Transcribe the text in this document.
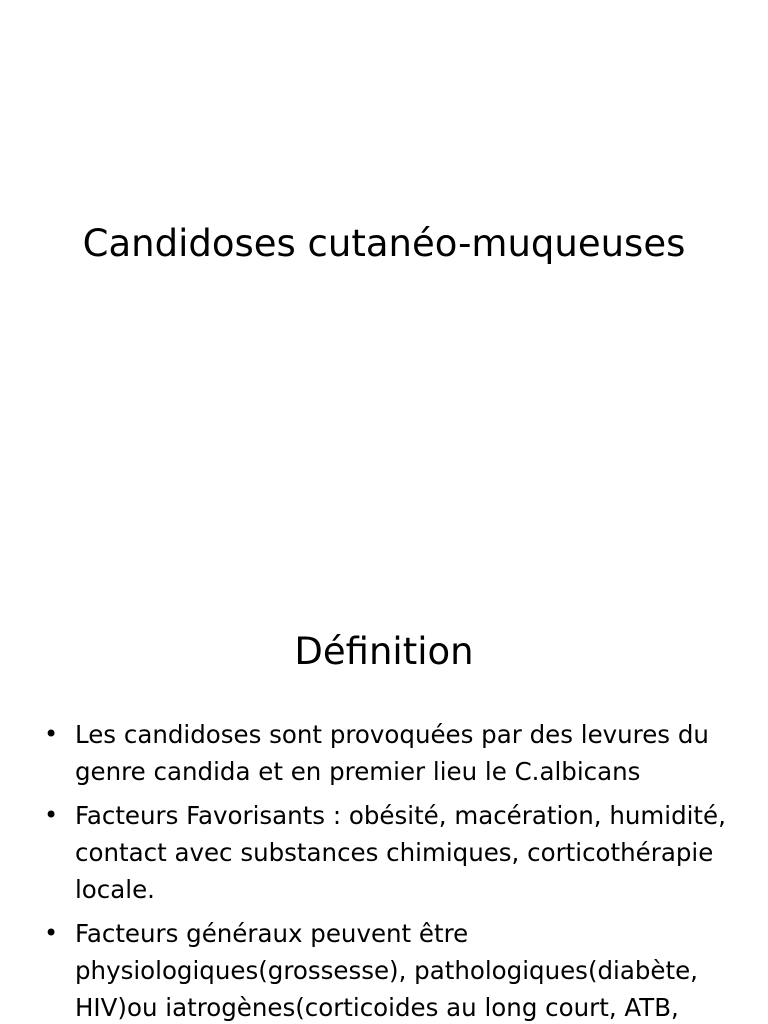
Candidoses cutanéo-muqueuses
Définition
• Les candidoses sont provoquées par des levures du genre candida et en premier lieu le C.albicans
• Facteurs Favorisants : obésité, macération, humidité, contact avec substances chimiques, corticothérapie locale.
• Facteurs généraux peuvent être physiologiques(grossesse), pathologiques(diabète, HIV)ou iatrogènes(corticoides au long court, ATB,
